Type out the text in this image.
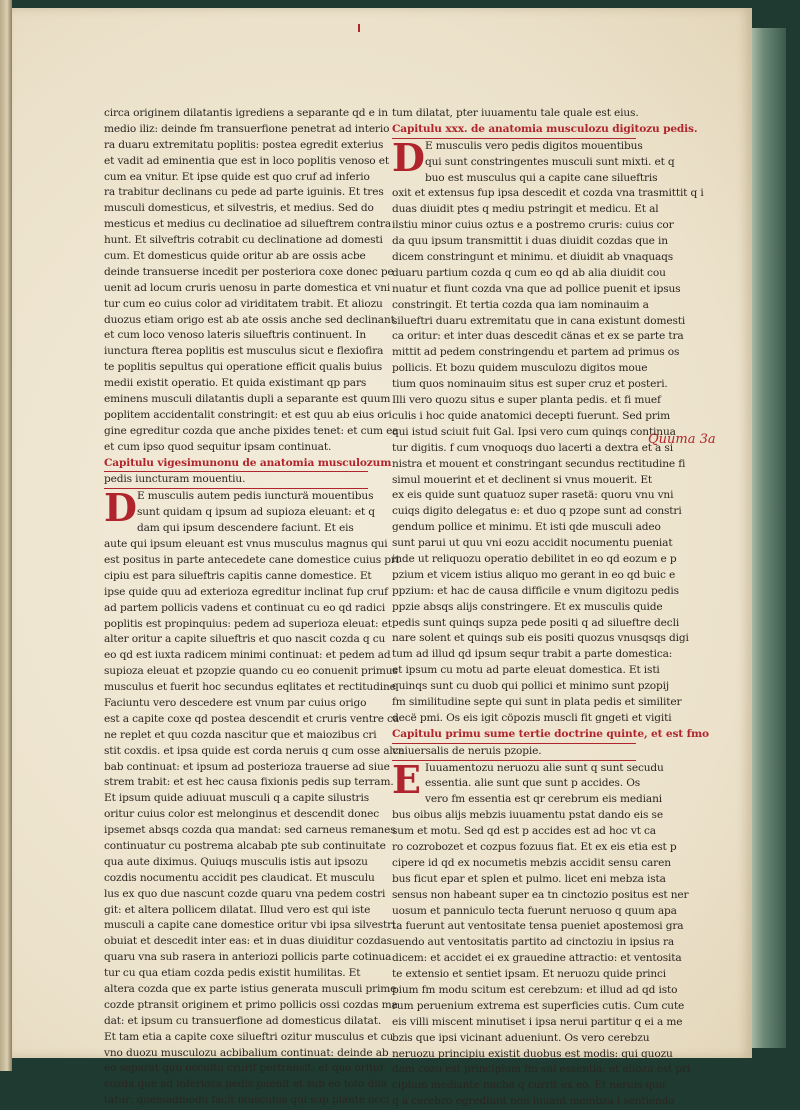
circa originem dilatantis igrediens a separante qd e in
medio iliz: deinde fm transuerfione penetrat ad interio
ra duaru extremitatu poplitis: postea egredit exterius
et vadit ad eminentia que est in loco poplitis venoso et
cum ea vnitur. Et ipse quide est quo cruf ad inferio
ra trabitur declinans cu pede ad parte iguinis. Et tres
musculi domesticus, et silvestris, et medius. Sed do
mesticus et medius cu declinatioe ad silueftrem contra
hunt. Et silveftris cotrabit cu declinatione ad domesti
cum. Et domesticus quide oritur ab are ossis acbe
deinde transuerse incedit per posteriora coxe donec pe
uenit ad locum cruris uenosu in parte domestica et vni
tur cum eo cuius color ad viriditatem trabit. Et aliozu
duozus etiam origo est ab ate ossis anche sed declinant
et cum loco venoso lateris silueftris continuent. In
iunctura fterea poplitis est musculus sicut e flexiofira
te poplitis sepultus qui operatione efficit qualis buius
medii existit operatio. Et quida existimant qp pars
eminens musculi dilatantis dupli a separante est quum
poplitem accidentalit constringit: et est quu ab eius ori
gine egreditur cozda que anche pixides tenet: et cum ea
et cum ipso quod sequitur ipsam continuat.
Capitulu vigesimunonu de anatomia musculozum
pedis iuncturam mouentiu.
D E musculis autem pedis iuncturä mouentibus
sunt quidam q ipsum ad supioza eleuant: et q
dam qui ipsum descendere faciunt. Et eis
aute qui ipsum eleuant est vnus musculus magnus qui
est positus in parte antecedete cane domestice cuius pri
cipiu est para silueftris capitis canne domestice. Et
ipse quide quu ad exterioza egreditur inclinat fup cruf
ad partem pollicis vadens et continuat cu eo qd radici
poplitis est propinquius: pedem ad superioza eleuat: et
alter oritur a capite silueftris et quo nascit cozda q cu
eo qd est iuxta radicem minimi continuat: et pedem ad
supioza eleuat et pzopzie quando cu eo conuenit primus
musculus et fuerit hoc secundus eqlitates et rectitudine
Faciuntu vero descedere est vnum par cuius origo
est a capite coxe qd postea descendit et cruris ventre ca
ne replet et quu cozda nascitur que et maiozibus cri
stit coxdis. et ipsa quide est corda neruis q cum osse alca
bab continuat: et ipsum ad posterioza trauerse ad siue
strem trabit: et est hec causa fixionis pedis sup terram.
Et ipsum quide adiuuat musculi q a capite silustris
oritur cuius color est melonginus et descendit donec
ipsemet absqs cozda qua mandat: sed carneus remanes
continuatur cu postrema alcabab pte sub continuitate
qua aute diximus. Quiuqs musculis istis aut ipsozu
cozdis nocumentu accidit pes claudicat. Et musculu
lus ex quo due nascunt cozde quaru vna pedem costri
git: et altera pollicem dilatat. Illud vero est qui iste
musculi a capite cane domestice oritur vbi ipsa silvestri
obuiat et descedit inter eas: et in duas diuiditur cozdas
quaru vna sub rasera in anteriozi pollicis parte cotinua
tur cu qua etiam cozda pedis existit humilitas. Et
altera cozda que ex parte istius generata musculi prime
cozde ptransit originem et primo pollicis ossi cozdas ma
dat: et ipsum cu transuerfione ad domesticus dilatat.
Et tam etia a capite coxe silueftri ozitur musculus et cu
vno duozu musculozu acbibalium continuat: deinde ab
eo separat quu occultu crurif pertransit: et quo oritur
cozda que ad inferioza pedis puenit et sub eo toto dila
tatur: quemadmodu facit musculus qui sup plante occi
tum dilatat, pter iuuamentu tale quale est eius.
Capitulu xxx. de anatomia musculozu digitozu pedis.
D E musculis vero pedis digitos mouentibus
qui sunt constringentes musculi sunt mixti. et q
buo est musculus qui a capite cane silueftris
oxit et extensus fup ipsa descedit et cozda vna trasmittit q i
duas diuidit ptes q mediu pstringit et medicu. Et al
ilstiu minor cuius oztus e a postremo cruris: cuius cor
da quu ipsum transmittit i duas diuidit cozdas que in
dicem constringunt et minimu. et diuidit ab vnaquaqs
duaru partium cozda q cum eo qd ab alia diuidit cou
nuatur et fiunt cozda vna que ad pollice puenit et ipsus
constringit. Et tertia cozda qua iam nominauim a
silueftri duaru extremitatu que in cana existunt domesti
ca oritur: et inter duas descedit cänas et ex se parte tra
mittit ad pedem constringendu et partem ad primus os
pollicis. Et bozu quidem musculozu digitos moue
tium quos nominauim situs est super cruz et posteri.
Illi vero quozu situs e super planta pedis. et fi muef
culis i hoc quide anatomici decepti fuerunt. Sed prim
qui istud sciuit fuit Gal. Ipsi vero cum quinqs continua
tur digitis. f cum vnoquoqs duo lacerti a dextra et a si
nistra et mouent et constringant secundus rectitudine fi
simul mouerint et et declinent si vnus mouerit. Et
ex eis quide sunt quatuoz super rasetä: quoru vnu vni
cuiqs digito delegatus e: et duo q pzope sunt ad constri
gendum pollice et minimu. Et isti qde musculi adeo
sunt parui ut quu vni eozu accidit nocumentu pueniat
inde ut reliquozu operatio debilitet in eo qd eozum e p
pzium et vicem istius aliquo mo gerant in eo qd buic e
ppzium: et hac de causa difficile e vnum digitozu pedis
ppzie absqs alijs constringere. Et ex musculis quide
pedis sunt quinqs supza pede positi q ad silueftre decli
nare solent et quinqs sub eis positi quozus vnusqsqs digi
tum ad illud qd ipsum sequr trabit a parte domestica:
et ipsum cu motu ad parte eleuat domestica. Et isti
quinqs sunt cu duob qui pollici et minimo sunt pzopij
fm similitudine septe qui sunt in plata pedis et similiter
decë pmi. Os eis igit cöpozis muscli fit gngeti et vigiti
Capitulu primu sume tertie doctrine quinte, et est fmo
vniuersalis de neruis pzopie.
E Iuuamentozu neruozu alie sunt q sunt secudu
essentia. alie sunt que sunt p accides. Os
vero fm essentia est qr cerebrum eis mediani
bus oibus alijs mebzis iuuamentu pstat dando eis se
sum et motu. Sed qd est p accides est ad hoc vt ca
ro cozrobozet et cozpus fozuus fiat. Et ex eis etia est p
cipere id qd ex nocumetis mebzis accidit sensu caren
bus ficut epar et splen et pulmo. licet eni mebza ista
sensus non habeant super ea tn cinctozio positus est ner
uosum et panniculo tecta fuerunt neruoso q quum apa
ta fuerunt aut ventositate tensa pueniet apostemosi gra
uendo aut ventositatis partito ad cinctoziu in ipsius ra
dicem: et accidet ei ex grauedine attractio: et ventosita
te extensio et sentiet ipsam. Et neruozu quide princi
pium fm modu scitum est cerebzum: et illud ad qd isto
rum peruenium extrema est superficies cutis. Cum cute
eis villi miscent minutiset i ipsa nerui partitur q ei a me
bzis que ipsi vicinant adueniunt. Os vero cerebzu
neruozu principiu existit duobus est modis: qui quozu
dam cozu est principium fm sui essentia: et aliozu est pri
cipium mediante nucba q currit ex eo. Et neruis quo
q a cerebzo egrediunt non iuuant membza i sentiendo
Quuma 3a
